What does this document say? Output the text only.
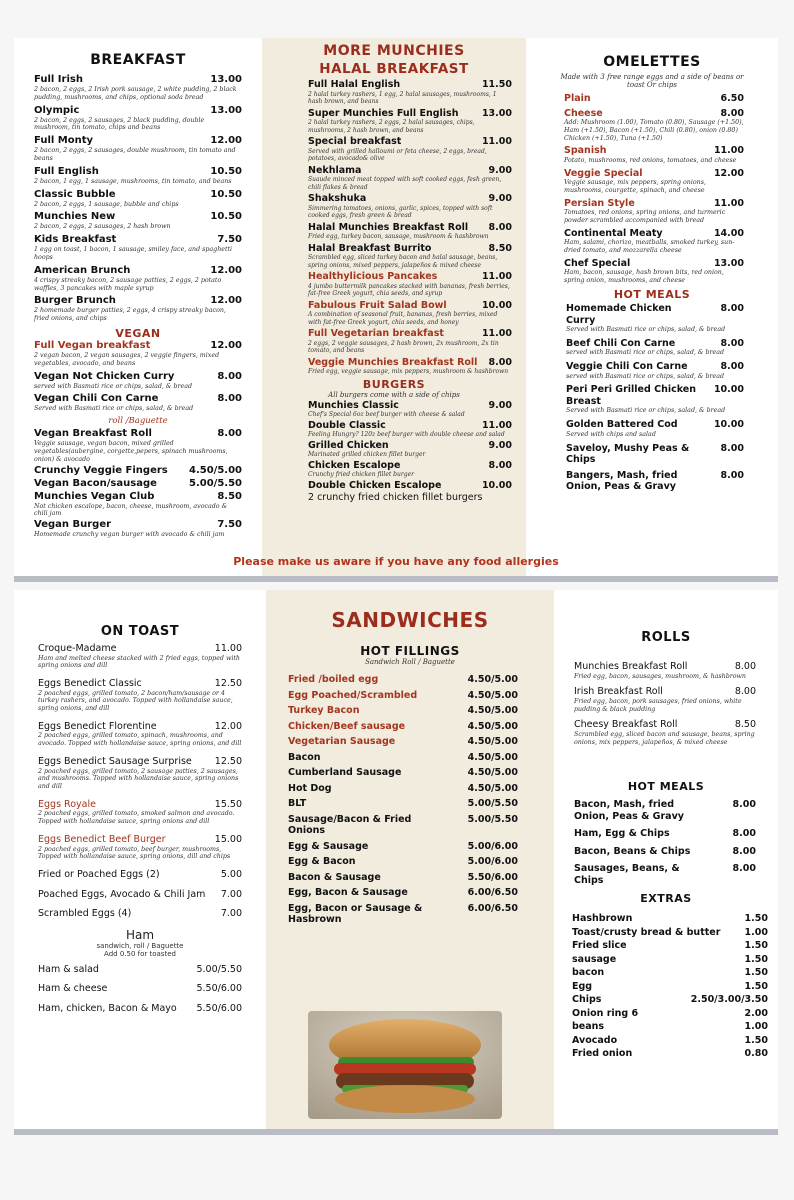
BREAKFAST
Full Irish	13.00
2 bacon, 2 eggs, 2 Irish pork sausage, 2 white pudding, 2 black pudding, mushrooms, and chips, optional soda bread
Olympic	13.00
2 bacon, 2 eggs, 2 sausages, 2 black pudding, double mushroom, tin tomato, chips and beans
Full Monty	12.00
2 bacon, 2 eggs, 2 sausages, double mushroom, tin tomato and beans
Full English	10.50
2 bacon, 1 egg, 1 sausage, mushrooms, tin tomato, and beans
Classic Bubble	10.50
2 bacon, 2 eggs, 1 sausage, bubble and chips
Munchies New	10.50
2 bacon, 2 eggs, 2 sausages, 2 hash brown
Kids Breakfast	7.50
1 egg on toast, 1 bacon, 1 sausage, smiley face, and spaghetti hoops
American Brunch	12.00
4 crispy streaky bacon, 2 sausage patties, 2 eggs, 2 potato waffles, 3 pancakes with maple syrup
Burger Brunch	12.00
2 homemade burger patties, 2 eggs, 4 crispy streaky bacon, fried onions, and chips
VEGAN
Full Vegan breakfast	12.00
2 vegan bacon, 2 vegan sausages, 2 veggie fingers, mixed vegetables, avocado, and beans
Vegan Not Chicken Curry	8.00
served with Basmati rice or chips, salad, & bread
Vegan Chili Con Carne	8.00
Served with Basmati rice or chips, salad, & bread
roll /Baguette
Vegan Breakfast Roll	8.00
Veggie sausage, vegan bacon, mixed grilled vegetables(aubergine, corgette,pepers, spinach mushrooms, onion) & avocado
Crunchy Veggie Fingers	4.50/5.00
Vegan Bacon/sausage	5.00/5.50
Munchies Vegan Club	8.50
Not chicken escalope, bacon, cheese, mushroom, avocado & chili jam
Vegan Burger	7.50
Homemade crunchy vegan burger with avocado & chili jam
MORE MUNCHIES
HALAL BREAKFAST
Full Halal English	11.50
2 halal turkey rashers, 1 egg, 2 halal sausages, mushrooms, 1 hash brown, and beans
Super Munchies Full English	13.00
2 halal turkey rashers, 2 eggs, 2 halal sausages, chips, mushrooms, 2 hash brown, and beans
Special breakfast	11.00
Served with grilled halloumi or feta cheese, 2 eggs, bread, potatoes, avocado& olive
Nekhlama	9.00
Suaude minced meat topped with soft cooked eggs, fesh green, chili flakes & bread
Shakshuka	9.00
Simmering tomatoes, onions, garlic, spices, topped with soft cooked eggs, fresh green & bread
Halal Munchies Breakfast Roll	8.00
Fried egg, turkey bacon, sausage, mushroom & hashbrown
Halal Breakfast Burrito	8.50
Scrambled egg, sliced turkey bacon and halal sausage, beans, spring onions, mixed peppers, jalapeños & mixed cheese
Healthylicious Pancakes	11.00
4 jumbo buttermilk pancakes stacked with bananas, fresh berries, fat-free Greek yogurt, chia seeds, and syrup
Fabulous Fruit Salad Bowl	10.00
A combination of seasonal fruit, bananas, fresh berries, mixed with fat-free Greek yogurt, chia seeds, and honey
Full Vegetarian breakfast	11.00
2 eggs, 2 veggie sausages, 2 hash brown, 2x mushroom, 2x tin tomato, and beans
Veggie Munchies Breakfast Roll	8.00
Fried egg, veggie sausage, mix peppers, mushroom & hashbrown
BURGERS
All burgers come with a side of chips
Munchies Classic	9.00
Chef's Special 6oz beef burger with cheese & salad
Double Classic	11.00
Feeling Hungry? 120z beef burger with double cheese and salad
Grilled Chicken	9.00
Marinated grilled chicken fillet burger
Chicken Escalope	8.00
Crunchy fried chicken fillet burger
Double Chicken Escalope	10.00
2 crunchy fried chicken fillet burgers
OMELETTES
Made with 3 free range eggs and a side of beans or toast Or chips
Plain	6.50
Cheese	8.00
Add: Mushroom (1.00), Tomato (0.80), Sausage (+1.50), Ham (+1.50), Bacon (+1.50), Chili (0.80), onion (0.80) Chicken (+1.50), Tuna (+1.50)
Spanish	11.00
Potato, mushrooms, red onions, tomatoes, and cheese
Veggie Special	12.00
Veggie sausage, mix peppers, spring onions, mushrooms, courgette, spinach, and cheese
Persian Style	11.00
Tomatoes, red onions, spring onions, and turmeric powder scrambled accompanied with bread
Continental Meaty	14.00
Ham, salami, chorizo, meatballs, smoked turkey, sun-dried tomato, and mozzarella cheese
Chef Special	13.00
Ham, bacon, sausage, hash brown bits, red onion, spring onion, mushrooms, and cheese
HOT MEALS
Homemade Chicken Curry
8.00
Served with Basmati rice or chips, salad, & bread
Beef Chili Con Carne	8.00
served with Basmati rice or chips, salad, & bread
Veggie Chili Con Carne	8.00
served with Basmati rice or chips, salad, & bread
Peri Peri Grilled Chicken Breast
10.00
Served with Basmati rice or chips, salad, & bread
Golden Battered Cod	10.00
Served with chips and salad
Saveloy, Mushy Peas & Chips
8.00
Bangers, Mash, fried Onion, Peas & Gravy
8.00
Please make us aware if you have any food allergies
ON TOAST
Croque-Madame	11.00
Ham and melted cheese stacked with 2 fried eggs, topped with spring onions and dill
Eggs Benedict Classic	12.50
2 poached eggs, grilled tomato, 2 bacon/ham/sausage or 4 turkey rashers, and avocado. Topped with hollandaise sauce, spring onions, and dill
Eggs Benedict Florentine	12.00
2 poached eggs, grilled tomato, spinach, mushrooms, and avocado. Topped with hollandaise sauce, spring onions, and dill
Eggs Benedict Sausage Surprise	12.50
2 poached eggs, grilled tomato, 2 sausage patties, 2 sausages, and mushrooms. Topped with hollandaise sauce, spring onions and dill
Eggs Royale	15.50
2 poached eggs, grilled tomato, smoked salmon and avocado. Topped with hollandaise sauce, spring onions and dill
Eggs Benedict Beef Burger	15.00
2 poached eggs, grilled tomato, beef burger, mushrooms, Topped with hollandaise sauce, spring onions, dill and chips
Fried or Poached Eggs (2)	5.00
Poached Eggs, Avocado & Chili Jam	7.00
Scrambled Eggs (4)	7.00
Ham
sandwich, roll / Baguette
Add 0.50 for toasted
Ham & salad	5.00/5.50
Ham & cheese	5.50/6.00
Ham, chicken, Bacon & Mayo	5.50/6.00
SANDWICHES
HOT FILLINGS
Sandwich Roll / Baguette
Fried /boiled egg	4.50/5.00
Egg Poached/Scrambled	4.50/5.00
Turkey Bacon	4.50/5.00
Chicken/Beef sausage	4.50/5.00
Vegetarian Sausage	4.50/5.00
Bacon	4.50/5.00
Cumberland Sausage	4.50/5.00
Hot Dog	4.50/5.00
BLT	5.00/5.50
Sausage/Bacon & Fried Onions
5.00/5.50
Egg & Sausage	5.00/6.00
Egg & Bacon	5.00/6.00
Bacon & Sausage	5.50/6.00
Egg, Bacon & Sausage	6.00/6.50
Egg, Bacon or Sausage & Hasbrown
6.00/6.50
ROLLS
Munchies Breakfast Roll	8.00
Fried egg, bacon, sausages, mushroom, & hashbrown
Irish Breakfast Roll	8.00
Fried egg, bacon, pork sausages, fried onions, white pudding & black pudding
Cheesy Breakfast Roll	8.50
Scrambled egg, sliced bacon and sausage, beans, spring onions, mix peppers, jalapeños, & mixed cheese
HOT MEALS
Bacon, Mash, fried Onion, Peas & Gravy
8.00
Ham, Egg & Chips	8.00
Bacon, Beans & Chips	8.00
Sausages, Beans, & Chips
8.00
EXTRAS
Hashbrown	1.50
Toast/crusty bread & butter	1.00
Fried slice	1.50
sausage	1.50
bacon	1.50
Egg	1.50
Chips	2.50/3.00/3.50
Onion ring 6	2.00
beans	1.00
Avocado	1.50
Fried onion	0.80
